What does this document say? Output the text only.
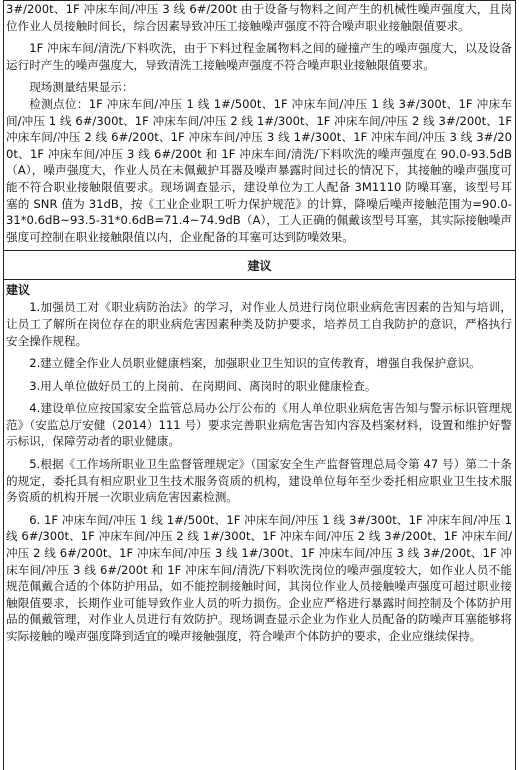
3#/200t、1F 冲床车间/冲压 3 线 6#/200t 由于设备与物料之间产生的机械性噪声强度大，且岗位作业人员接触时间长，综合因素导致冲压工接触噪声强度不符合噪声职业接触限值要求。

1F 冲床车间/清洗/下料吹洗，由于下料过程金属物料之间的碰撞产生的噪声强度大，以及设备运行时产生的噪声强度大，导致清洗工接触噪声强度不符合噪声职业接触限值要求。

现场测量结果显示：

检测点位：1F 冲床车间/冲压 1 线 1#/500t、1F 冲床车间/冲压 1 线 3#/300t、1F 冲床车间/冲压 1 线 6#/300t、1F 冲床车间/冲压 2 线 1#/300t、1F 冲床车间/冲压 2 线 3#/200t、1F 冲床车间/冲压 2 线 6#/200t、1F 冲床车间/冲压 3 线 1#/300t、1F 冲床车间/冲压 3 线 3#/200t、1F 冲床车间/冲压 3 线 6#/200t 和 1F 冲床车间/清洗/下料吹洗的噪声强度在 90.0-93.5dB（A），噪声强度大，作业人员在未佩戴护耳器及噪声暴露时间过长的情况下，其接触的噪声强度可能不符合职业接触限值要求。现场调查显示，建设单位为工人配备 3M1110 防噪耳塞，该型号耳塞的 SNR 值为 31dB，按《工业企业职工听力保护规范》的计算，降噪后噪声接触范围为=90.0-31*0.6dB~93.5-31*0.6dB=71.4~74.9dB（A），工人正确的佩戴该型号耳塞，其实际接触噪声强度可控制在职业接触限值以内，企业配备的耳塞可达到防噪效果。

建议
建议

1.加强员工对《职业病防治法》的学习，对作业人员进行岗位职业病危害因素的告知与培训，让员工了解所在岗位存在的职业病危害因素种类及防护要求，培养员工自我防护的意识，严格执行安全操作规程。

2.建立健全作业人员职业健康档案，加强职业卫生知识的宣传教育，增强自我保护意识。

3.用人单位做好员工的上岗前、在岗期间、离岗时的职业健康检查。

4.建设单位应按国家安全监管总局办公厅公布的《用人单位职业病危害告知与警示标识管理规范》（安监总厅安健（2014）111 号）要求完善职业病危害告知内容及档案材料，设置和维护好警示标识，保障劳动者的职业健康。

5.根据《工作场所职业卫生监督管理规定》（国家安全生产监督管理总局令第 47 号）第二十条的规定，委托具有相应职业卫生技术服务资质的机构，建设单位每年至少委托相应职业卫生技术服务资质的机构开展一次职业病危害因素检测。

6. 1F 冲床车间/冲压 1 线 1#/500t、1F 冲床车间/冲压 1 线 3#/300t、1F 冲床车间/冲压 1 线 6#/300t、1F 冲床车间/冲压 2 线 1#/300t、1F 冲床车间/冲压 2 线 3#/200t、1F 冲床车间/冲压 2 线 6#/200t、1F 冲床车间/冲压 3 线 1#/300t、1F 冲床车间/冲压 3 线 3#/200t、1F 冲床车间/冲压 3 线 6#/200t 和 1F 冲床车间/清洗/下料吹洗岗位的噪声强度较大，如作业人员不能规范佩戴合适的个体防护用品，如不能控制接触时间，其岗位作业人员接触噪声强度可超过职业接触限值要求，长期作业可能导致作业人员的听力损伤。企业应严格进行暴露时间控制及个体防护用品的佩戴管理，对作业人员进行有效防护。现场调查显示企业为作业人员配备的防噪声耳塞能够将实际接触的噪声强度降到适宜的噪声接触强度，符合噪声个体防护的要求，企业应继续保持。
